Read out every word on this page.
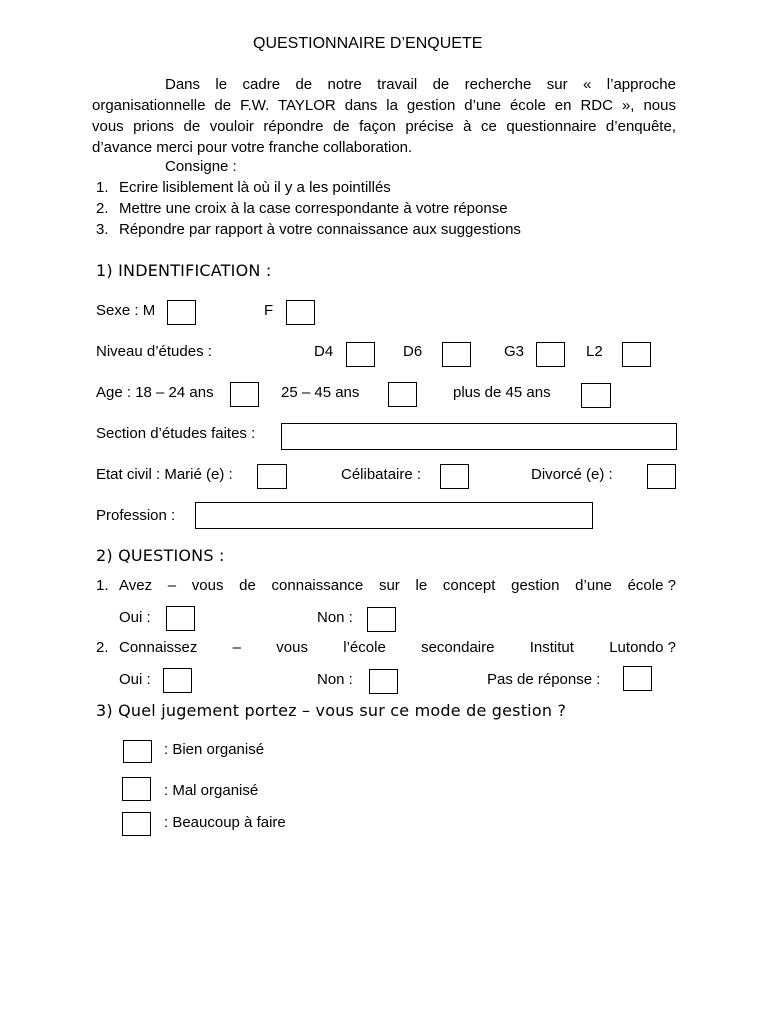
QUESTIONNAIRE D’ENQUETE
Dans le cadre de notre travail de recherche sur « l’approche
organisationnelle de F.W. TAYLOR dans la gestion d’une école en RDC », nous
vous prions de vouloir répondre de façon précise à ce questionnaire d’enquête,
d’avance merci pour votre franche collaboration.
Consigne :
1. Ecrire lisiblement là où il y a les pointillés
2. Mettre une croix à la case correspondante à votre réponse
3. Répondre par rapport à votre connaissance aux suggestions
1) INDENTIFICATION :
Sexe : M	F
Niveau d’études :	D4	D6	G3	L2
Age : 18 – 24 ans	25 – 45 ans	plus de 45 ans
Section d’études faites :
Etat civil : Marié (e) :	Célibataire :	Divorcé (e) :
Profession :
2) QUESTIONS :
1. Avez – vous de connaissance sur le concept gestion d’une école ?
Oui :	Non :
2. Connaissez – vous l’école secondaire Institut Lutondo ?
Oui :	Non :	Pas de réponse :
3) Quel jugement portez – vous sur ce mode de gestion ?
: Bien organisé
: Mal organisé
: Beaucoup à faire
